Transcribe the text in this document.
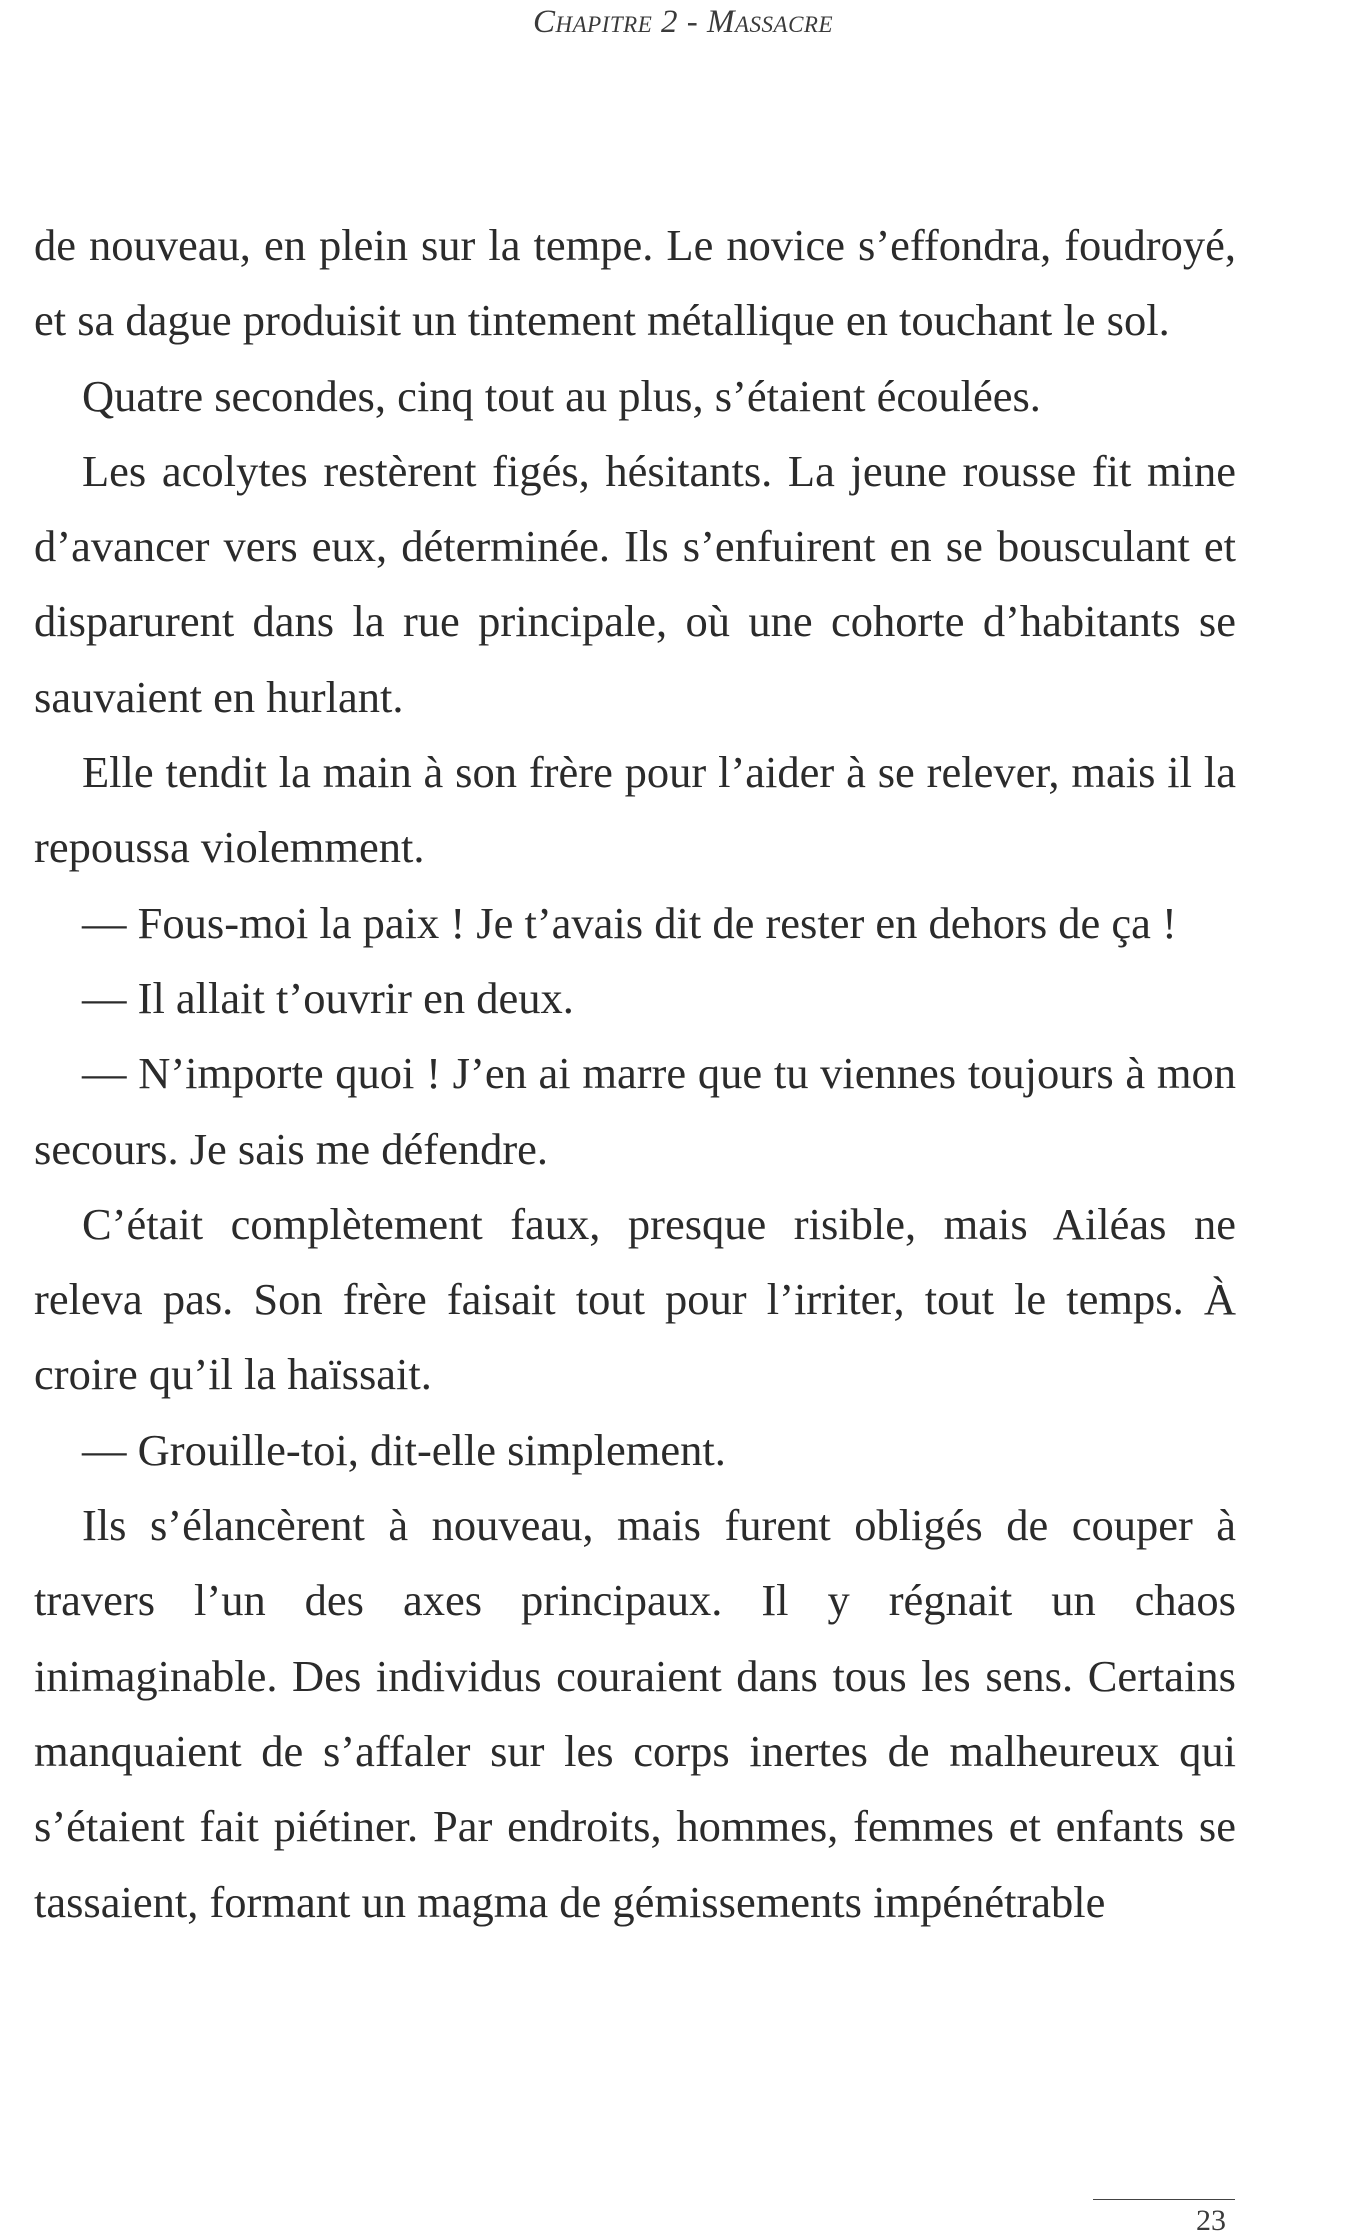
Chapitre 2 - Massacre

de nouveau, en plein sur la tempe. Le novice s’effondra, foudroyé, et sa dague produisit un tintement métallique en touchant le sol.

Quatre secondes, cinq tout au plus, s’étaient écoulées.

Les acolytes restèrent figés, hésitants. La jeune rousse fit mine d’avancer vers eux, déterminée. Ils s’enfuirent en se bousculant et disparurent dans la rue principale, où une cohorte d’habitants se sauvaient en hurlant.

Elle tendit la main à son frère pour l’aider à se relever, mais il la repoussa violemment.

— Fous-moi la paix ! Je t’avais dit de rester en dehors de ça !

— Il allait t’ouvrir en deux.

— N’importe quoi ! J’en ai marre que tu viennes toujours à mon secours. Je sais me défendre.

C’était complètement faux, presque risible, mais Ailéas ne releva pas. Son frère faisait tout pour l’irriter, tout le temps. À croire qu’il la haïssait.

— Grouille-toi, dit-elle simplement.

Ils s’élancèrent à nouveau, mais furent obligés de couper à travers l’un des axes principaux. Il y régnait un chaos inimaginable. Des individus couraient dans tous les sens. Certains manquaient de s’affaler sur les corps inertes de malheureux qui s’étaient fait piétiner. Par endroits, hommes, femmes et enfants se tassaient, formant un magma de gémissements impénétrable

23
